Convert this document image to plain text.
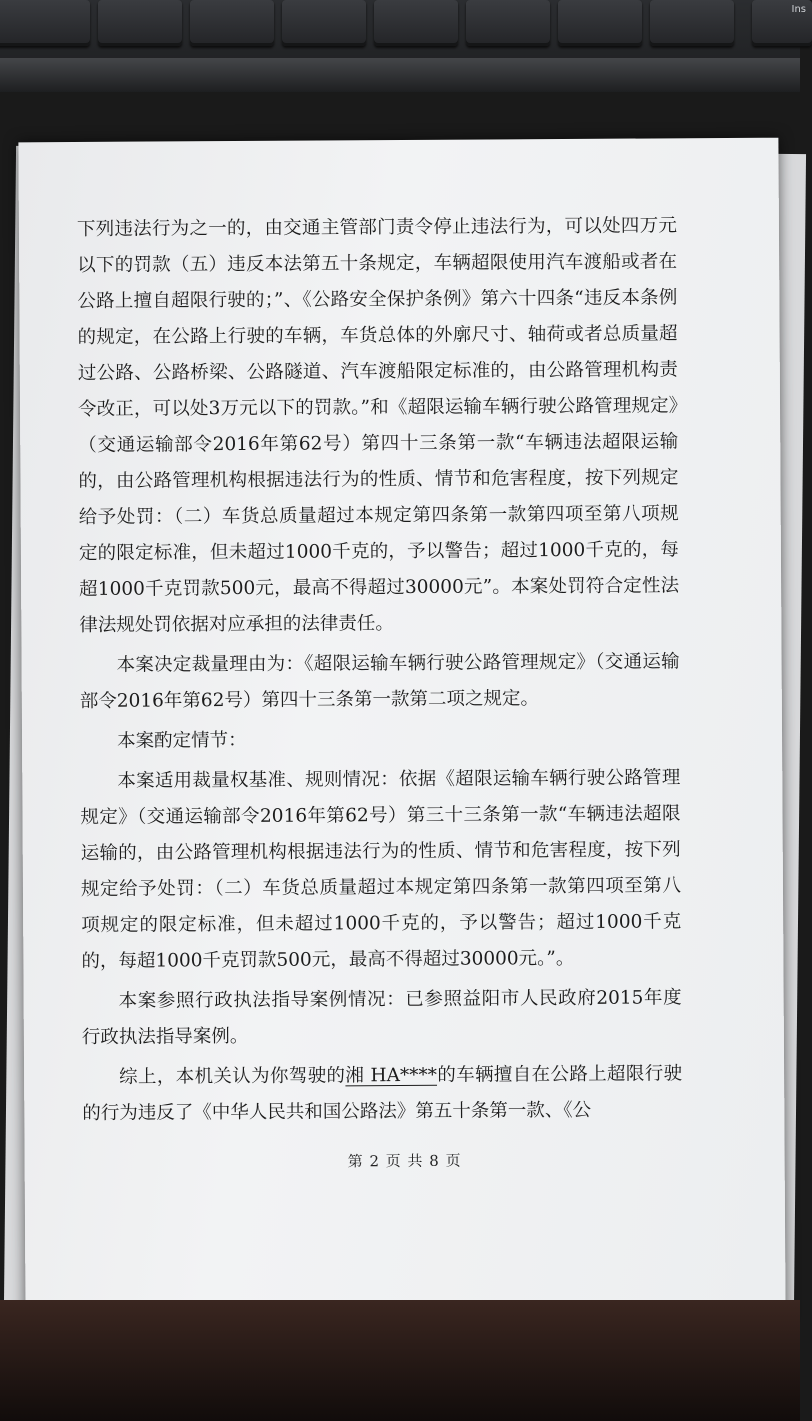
Ins

下列违法行为之一的，由交通主管部门责令停止违法行为，可以处四万元以下的罚款（五）违反本法第五十条规定，车辆超限使用汽车渡船或者在公路上擅自超限行驶的；”、《公路安全保护条例》第六十四条“违反本条例的规定，在公路上行驶的车辆，车货总体的外廓尺寸、轴荷或者总质量超过公路、公路桥梁、公路隧道、汽车渡船限定标准的，由公路管理机构责令改正，可以处3万元以下的罚款。”和《超限运输车辆行驶公路管理规定》（交通运输部令2016年第62号）第四十三条第一款“车辆违法超限运输的，由公路管理机构根据违法行为的性质、情节和危害程度，按下列规定给予处罚：（二）车货总质量超过本规定第四条第一款第四项至第八项规定的限定标准，但未超过1000千克的，予以警告；超过1000千克的，每超1000千克罚款500元，最高不得超过30000元”。本案处罚符合定性法律法规处罚依据对应承担的法律责任。

本案决定裁量理由为：《超限运输车辆行驶公路管理规定》（交通运输部令2016年第62号）第四十三条第一款第二项之规定。

本案酌定情节：

本案适用裁量权基准、规则情况：依据《超限运输车辆行驶公路管理规定》（交通运输部令2016年第62号）第三十三条第一款“车辆违法超限运输的，由公路管理机构根据违法行为的性质、情节和危害程度，按下列规定给予处罚：（二）车货总质量超过本规定第四条第一款第四项至第八项规定的限定标准，但未超过1000千克的，予以警告；超过1000千克的，每超1000千克罚款500元，最高不得超过30000元。”。

本案参照行政执法指导案例情况：已参照益阳市人民政府2015年度行政执法指导案例。

综上，本机关认为你驾驶的湘 HA****的车辆擅自在公路上超限行驶的行为违反了《中华人民共和国公路法》第五十条第一款、《公

第 2 页 共 8 页
